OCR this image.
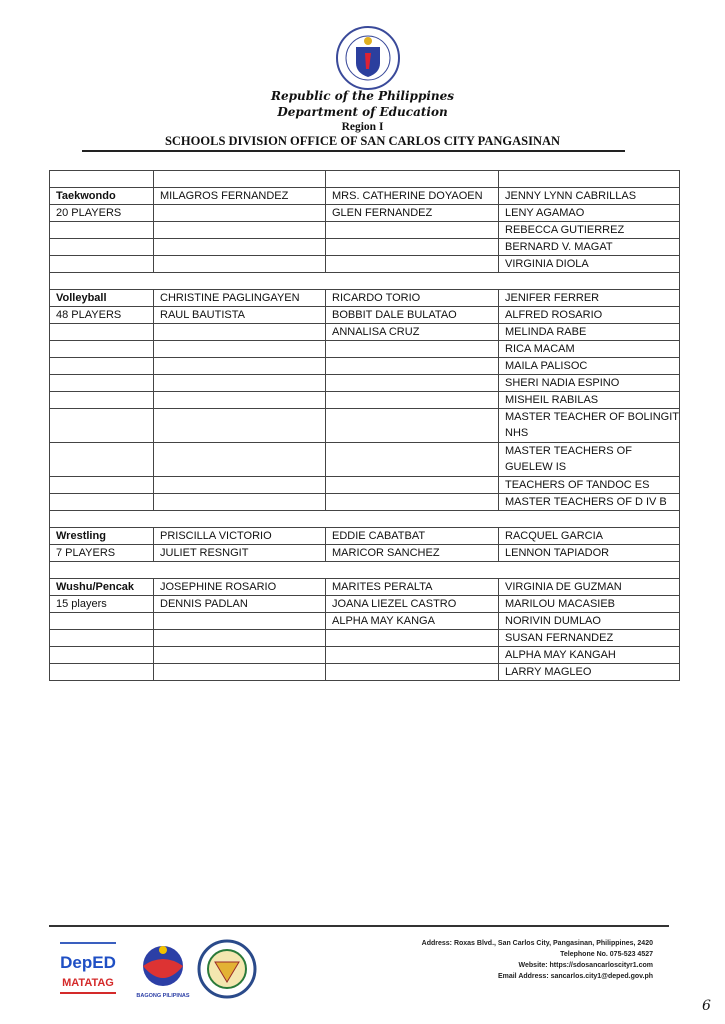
Republic of the Philippines
Department of Education
Region I
SCHOOLS DIVISION OFFICE OF SAN CARLOS CITY PANGASINAN

Taekwondo	MILAGROS FERNANDEZ	MRS. CATHERINE DOYAOEN	JENNY LYNN CABRILLAS
20 PLAYERS		GLEN FERNANDEZ	LENY AGAMAO
			REBECCA GUTIERREZ
			BERNARD V. MAGAT
			VIRGINIA DIOLA

Volleyball	CHRISTINE PAGLINGAYEN	RICARDO TORIO	JENIFER FERRER
48 PLAYERS	RAUL BAUTISTA	BOBBIT DALE BULATAO	ALFRED ROSARIO
		ANNALISA CRUZ	MELINDA RABE
			RICA MACAM
			MAILA PALISOC
			SHERI NADIA ESPINO
			MISHEIL RABILAS
			MASTER TEACHER OF BOLINGIT NHS
			MASTER TEACHERS OF GUELEW IS
			TEACHERS OF TANDOC ES
			MASTER TEACHERS OF D IV B

Wrestling	PRISCILLA VICTORIO	EDDIE CABATBAT	RACQUEL GARCIA
7 PLAYERS	JULIET RESNGIT	MARICOR SANCHEZ	LENNON TAPIADOR

Wushu/Pencak	JOSEPHINE ROSARIO	MARITES PERALTA	VIRGINIA DE GUZMAN
15 players	DENNIS PADLAN	JOANA LIEZEL CASTRO	MARILOU MACASIEB
		ALPHA MAY KANGA	NORIVIN DUMLAO
			SUSAN FERNANDEZ
			ALPHA MAY KANGAH
			LARRY MAGLEO
DepED
MATATAG
BAGONG PILIPINAS
Address: Roxas Blvd., San Carlos City, Pangasinan, Philippines, 2420
Telephone No. 075-523 4527
Website: https://sdosancarloscityr1.com
Email Address: sancarlos.city1@deped.gov.ph
6
